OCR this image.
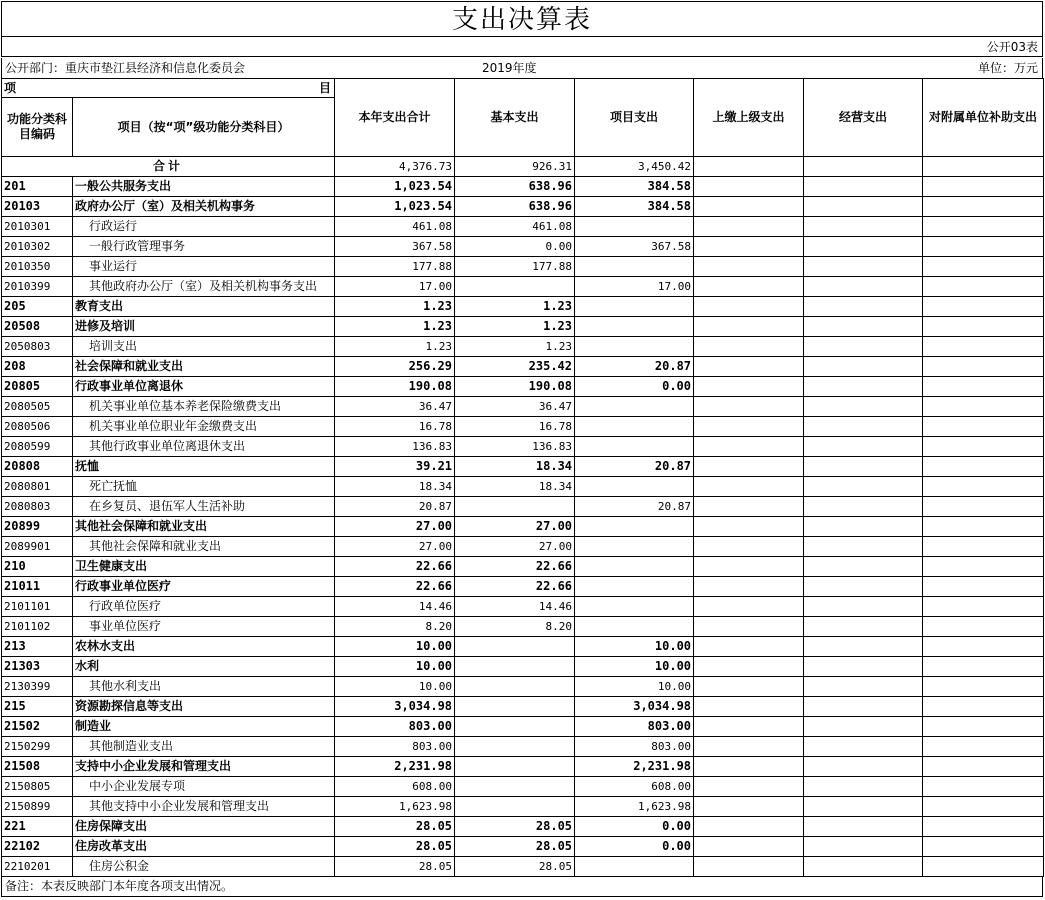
支出决算表
公开03表
公开部门：重庆市垫江县经济和信息化委员会	2019年度	单位：万元
项 目		本年支出合计	基本支出	项目支出	上缴上级支出	经营支出	对附属单位补助支出
功能分类科目编码	项目（按“项”级功能分类科目）						
合计		4,376.73	926.31	3,450.42			
201	一般公共服务支出	1,023.54	638.96	384.58			
20103	政府办公厅（室）及相关机构事务	1,023.54	638.96	384.58			
2010301	行政运行	461.08	461.08				
2010302	一般行政管理事务	367.58	0.00	367.58			
2010350	事业运行	177.88	177.88				
2010399	其他政府办公厅（室）及相关机构事务支出	17.00		17.00			
205	教育支出	1.23	1.23				
20508	进修及培训	1.23	1.23				
2050803	培训支出	1.23	1.23				
208	社会保障和就业支出	256.29	235.42	20.87			
20805	行政事业单位离退休	190.08	190.08	0.00			
2080505	机关事业单位基本养老保险缴费支出	36.47	36.47				
2080506	机关事业单位职业年金缴费支出	16.78	16.78				
2080599	其他行政事业单位离退休支出	136.83	136.83				
20808	抚恤	39.21	18.34	20.87			
2080801	死亡抚恤	18.34	18.34				
2080803	在乡复员、退伍军人生活补助	20.87		20.87			
20899	其他社会保障和就业支出	27.00	27.00				
2089901	其他社会保障和就业支出	27.00	27.00				
210	卫生健康支出	22.66	22.66				
21011	行政事业单位医疗	22.66	22.66				
2101101	行政单位医疗	14.46	14.46				
2101102	事业单位医疗	8.20	8.20				
213	农林水支出	10.00		10.00			
21303	水利	10.00		10.00			
2130399	其他水利支出	10.00		10.00			
215	资源勘探信息等支出	3,034.98		3,034.98			
21502	制造业	803.00		803.00			
2150299	其他制造业支出	803.00		803.00			
21508	支持中小企业发展和管理支出	2,231.98		2,231.98			
2150805	中小企业发展专项	608.00		608.00			
2150899	其他支持中小企业发展和管理支出	1,623.98		1,623.98			
221	住房保障支出	28.05	28.05	0.00			
22102	住房改革支出	28.05	28.05	0.00			
2210201	住房公积金	28.05	28.05				
备注：本表反映部门本年度各项支出情况。
